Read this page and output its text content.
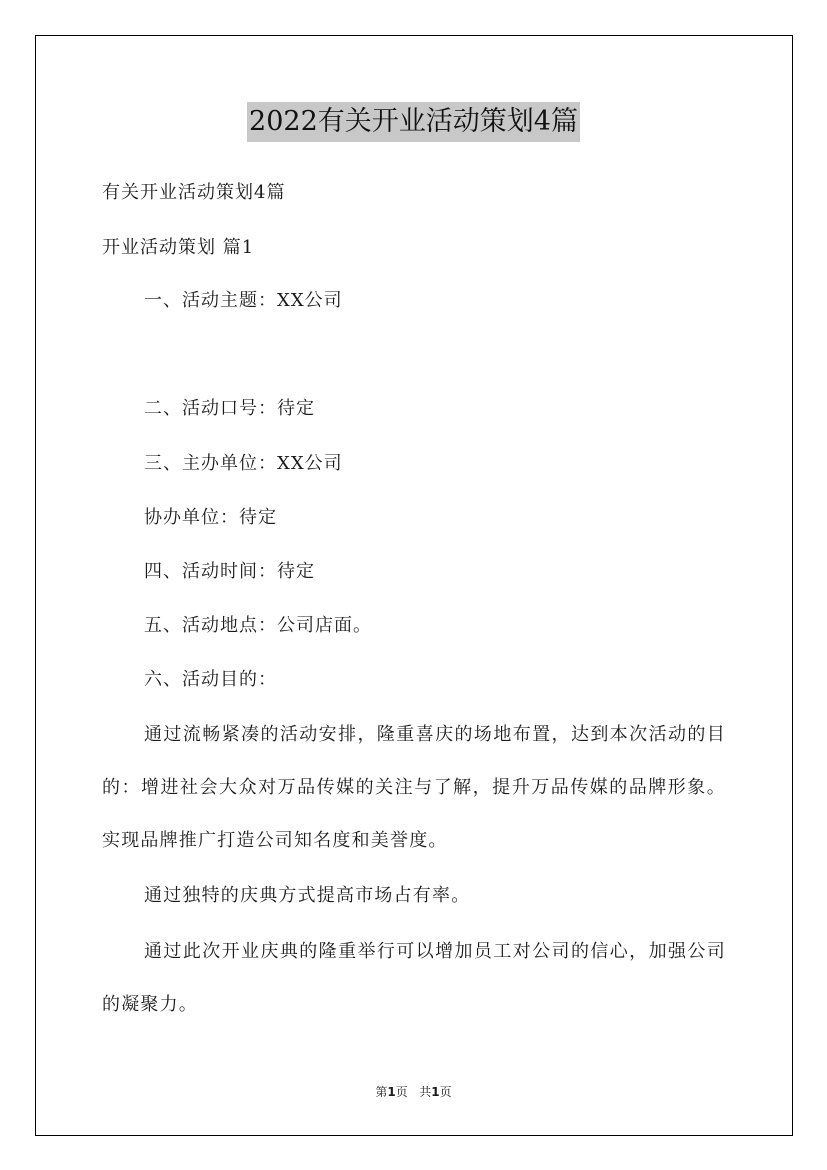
2022有关开业活动策划4篇
有关开业活动策划4篇
开业活动策划 篇1
一、活动主题：XX公司
二、活动口号：待定
三、主办单位：XX公司
协办单位：待定
四、活动时间：待定
五、活动地点：公司店面。
六、活动目的：
通过流畅紧凑的活动安排，隆重喜庆的场地布置，达到本次活动的目的：增进社会大众对万品传媒的关注与了解，提升万品传媒的品牌形象。实现品牌推广打造公司知名度和美誉度。
通过独特的庆典方式提高市场占有率。
通过此次开业庆典的隆重举行可以增加员工对公司的信心，加强公司的凝聚力。
第1页 共1页
